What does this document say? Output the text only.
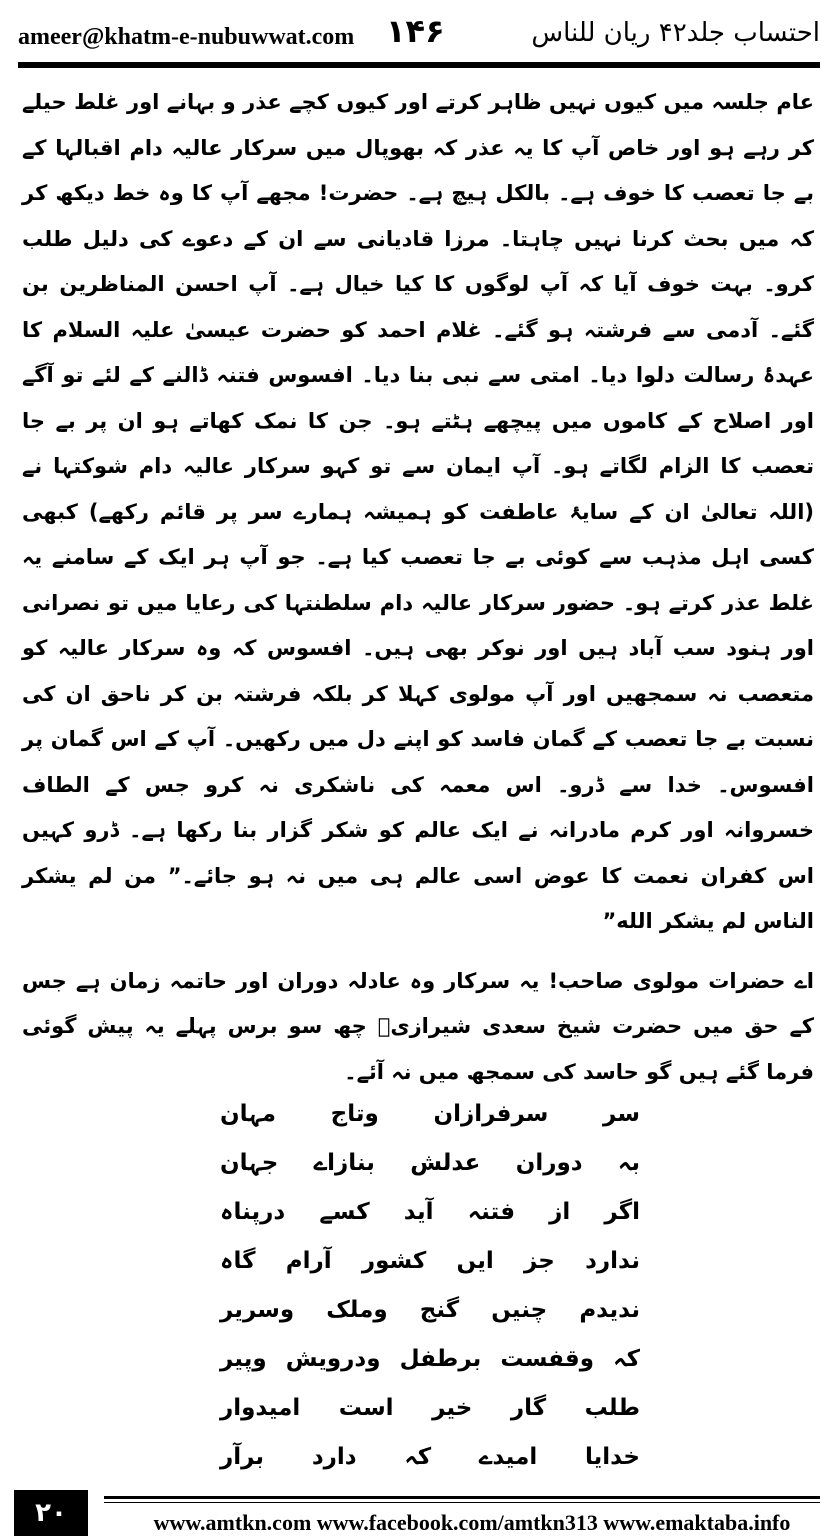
ameer@khatm-e-nubuwwat.com ۱۴۶	احتساب جلد۴۲ ریان للناس

عام جلسہ میں کیوں نہیں ظاہر کرتے اور کیوں کچے عذر و بہانے اور غلط حیلے کر رہے ہو اور خاص آپ کا یہ عذر کہ بھوپال میں سرکار عالیہ دام اقبالہا کے بے جا تعصب کا خوف ہے۔ بالکل ہیچ ہے۔ حضرت! مجھے آپ کا وہ خط دیکھ کر کہ میں بحث کرنا نہیں چاہتا۔ مرزا قادیانی سے ان کے دعوے کی دلیل طلب کرو۔ بہت خوف آیا کہ آپ لوگوں کا کیا خیال ہے۔ آپ احسن المناظرین بن گئے۔ آدمی سے فرشتہ ہو گئے۔ غلام احمد کو حضرت عیسیٰ علیہ السلام کا عہدۂ رسالت دلوا دیا۔ امتی سے نبی بنا دیا۔ افسوس فتنہ ڈالنے کے لئے تو آگے اور اصلاح کے کاموں میں پیچھے ہٹتے ہو۔ جن کا نمک کھاتے ہو ان پر بے جا تعصب کا الزام لگاتے ہو۔ آپ ایمان سے تو کہو سرکار عالیہ دام شوکتہا نے (اللہ تعالیٰ ان کے سایۂ عاطفت کو ہمیشہ ہمارے سر پر قائم رکھے) کبھی کسی اہل مذہب سے کوئی بے جا تعصب کیا ہے۔ جو آپ ہر ایک کے سامنے یہ غلط عذر کرتے ہو۔ حضور سرکار عالیہ دام سلطنتہا کی رعایا میں تو نصرانی اور ہنود سب آباد ہیں اور نوکر بھی ہیں۔ افسوس کہ وہ سرکار عالیہ کو متعصب نہ سمجھیں اور آپ مولوی کہلا کر بلکہ فرشتہ بن کر ناحق ان کی نسبت بے جا تعصب کے گمان فاسد کو اپنے دل میں رکھیں۔ آپ کے اس گمان پر افسوس۔ خدا سے ڈرو۔ اس معمہ کی ناشکری نہ کرو جس کے الطاف خسروانہ اور کرم مادرانہ نے ایک عالم کو شکر گزار بنا رکھا ہے۔ ڈرو کہیں اس کفران نعمت کا عوض اسی عالم ہی میں نہ ہو جائے۔” من لم يشكر الناس لم يشكر الله”

اے حضرات مولوی صاحب! یہ سرکار وہ عادلہ دوران اور حاتمہ زمان ہے جس کے حق میں حضرت شیخ سعدی شیرازیؒ چھ سو برس پہلے یہ پیش گوئی فرما گئے ہیں گو حاسد کی سمجھ میں نہ آئے۔

سر سرفرازان وتاج مہان
بہ دوران عدلش بنازاے جہان
اگر از فتنہ آید کسے درپناہ
ندارد جز ایں کشور آرام گاہ
ندیدم چنیں گنج وملک وسریر
کہ وقفست برطفل ودرویش وپیر
طلب گار خیر است امیدوار
خدایا امیدے کہ دارد برآر
۲۰	www.amtkn.com www.facebook.com/amtkn313 www.emaktaba.info
